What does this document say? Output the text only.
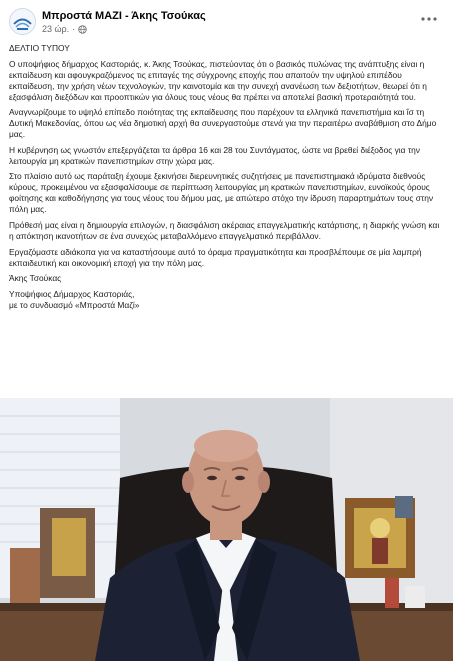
Μπροστά ΜΑΖΙ - Άκης Τσούκας
23 ώρ. ·

ΔΕΛΤΙΟ ΤΥΠΟΥ

Ο υποψήφιος δήμαρχος Καστοριάς, κ. Άκης Τσούκας, πιστεύοντας ότι ο βασικός πυλώνας της ανάπτυξης είναι η εκπαίδευση και αφουγκραζόμενος τις επιταγές της σύγχρονης εποχής που απαιτούν την υψηλού επιπέδου εκπαίδευση, την χρήση νέων τεχνολογιών, την καινοτομία και την συνεχή ανανέωση των δεξιοτήτων, θεωρεί ότι η εξασφάλιση διεξόδων και προοπτικών για όλους τους νέους θα πρέπει να αποτελεί βασική προτεραιότητά του.

Αναγνωρίζουμε το υψηλό επίπεδο ποιότητας της εκπαίδευσης που παρέχουν τα ελληνικά πανεπιστήμια και ΐσ τη Δυτική Μακεδονίας, όπου ως νέα δημοτική αρχή θα συνεργαστούμε στενά για την περαιτέρω αναβάθμιση στο Δήμο μας.

Η κυβέρνηση ως γνωστόν επεξεργάζεται τα άρθρα 16 και 28 του Συντάγματος, ώστε να βρεθεί διέξοδος για την λειτουργία μη κρατικών πανεπιστημίων στην χώρα μας.

Στο πλαίσιο αυτό ως παράταξη έχουμε ξεκινήσει διερευνητικές συζητήσεις με πανεπιστημιακά ιδρύματα διεθνούς κύρους, προκειμένου να εξασφαλίσουμε σε περίπτωση λειτουργίας μη κρατικών πανεπιστημίων, ευνοϊκούς όρους φοίτησης και καθοδήγησης για τους νέους του δήμου μας, με απώτερο στόχο την ίδρυση παραρτημάτων τους στην πόλη μας.

Πρόθεσή μας είναι η δημιουργία επιλογών, η διασφάλιση ακέραιας επαγγελματικής κατάρτισης, η διαρκής γνώση και η απόκτηση ικανοτήτων σε ένα συνεχώς μεταβαλλόμενο επαγγελματικό περιβάλλον.

Εργαζόμαστε αδιάκοπα για να καταστήσουμε αυτό το όραμα πραγματικότητα και προσβλέπουμε σε μία λαμπρή εκπαιδευτική και οικονομική εποχή για την πόλη μας.

Άκης Τσούκας

Υποψήφιος Δήμαρχος Καστοριάς,
με το συνδυασμό «Μπροστά Μαζί»
